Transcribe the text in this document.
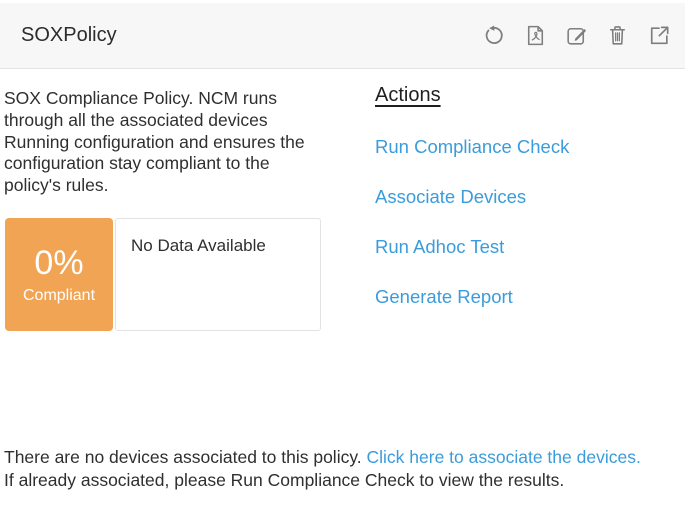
SOXPolicy

SOX Compliance Policy. NCM runs through all the associated devices Running configuration and ensures the configuration stay compliant to the policy's rules.

0%
Compliant
No Data Available
Actions
Run Compliance Check
Associate Devices
Run Adhoc Test
Generate Report

There are no devices associated to this policy. Click here to associate the devices.
If already associated, please Run Compliance Check to view the results.
